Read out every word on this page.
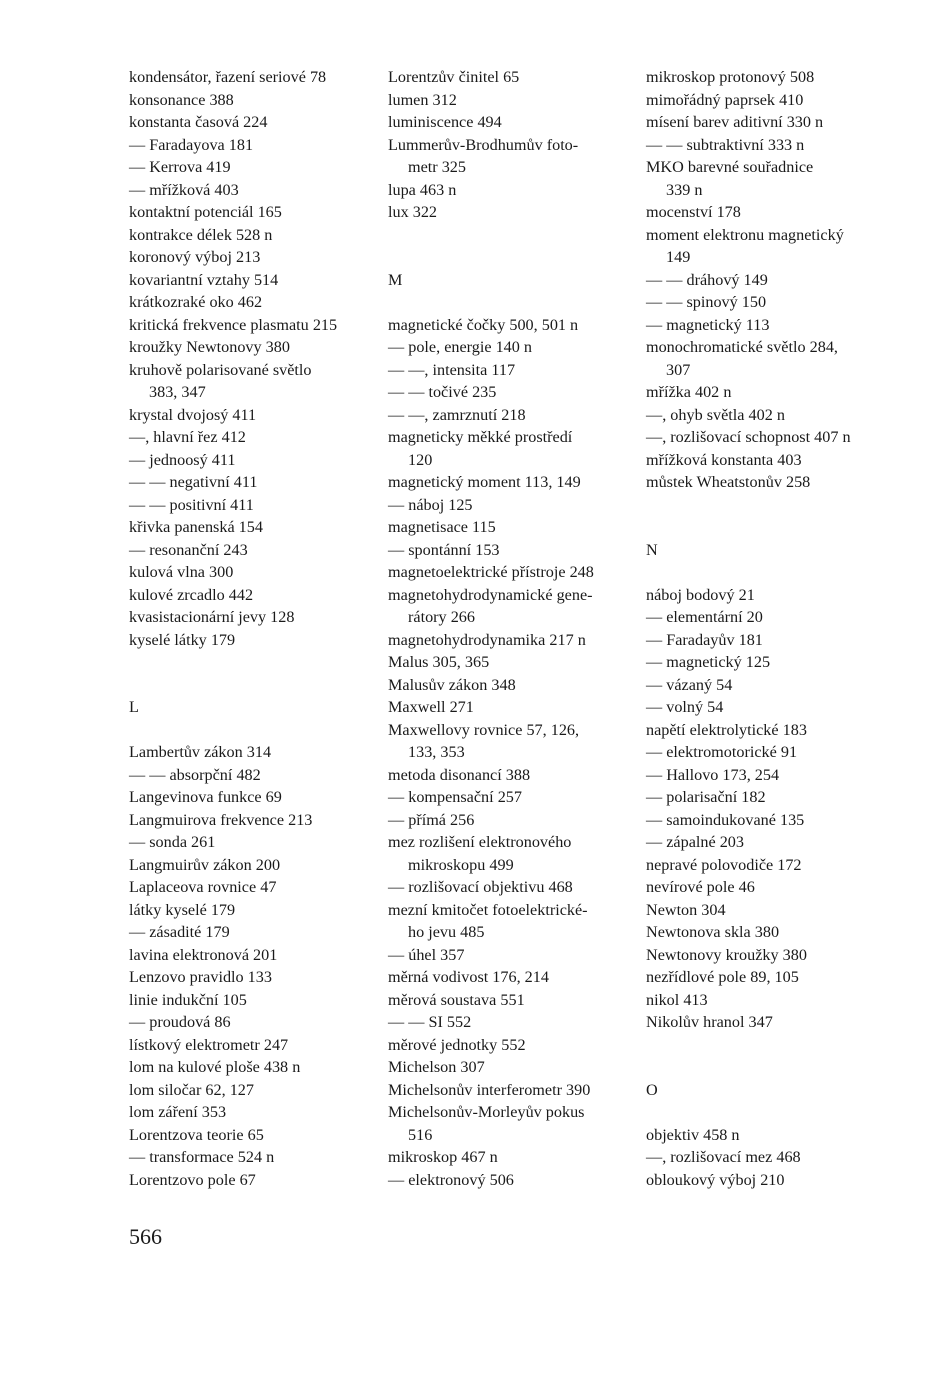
kondensátor, řazení seriové 78
konsonance 388
konstanta časová 224
— Faradayova 181
— Kerrova 419
— mřížková 403
kontaktní potenciál 165
kontrakce délek 528 n
koronový výboj 213
kovariantní vztahy 514
krátkozraké oko 462
kritická frekvence plasmatu 215
kroužky Newtonovy 380
kruhově polarisované světlo
383, 347
krystal dvojosý 411
—, hlavní řez 412
— jednoosý 411
— — negativní 411
— — positivní 411
křivka panenská 154
— resonanční 243
kulová vlna 300
kulové zrcadlo 442
kvasistacionární jevy 128
kyselé látky 179
L
Lambertův zákon 314
— — absorpční 482
Langevinova funkce 69
Langmuirova frekvence 213
— sonda 261
Langmuirův zákon 200
Laplaceova rovnice 47
látky kyselé 179
— zásadité 179
lavina elektronová 201
Lenzovo pravidlo 133
linie indukční 105
— proudová 86
lístkový elektrometr 247
lom na kulové ploše 438 n
lom siločar 62, 127
lom záření 353
Lorentzova teorie 65
— transformace 524 n
Lorentzovo pole 67
Lorentzův činitel 65
lumen 312
luminiscence 494
Lummerův-Brodhumův foto-
metr 325
lupa 463 n
lux 322
M
magnetické čočky 500, 501 n
— pole, energie 140 n
— —, intensita 117
— — točivé 235
— —, zamrznutí 218
magneticky měkké prostředí
120
magnetický moment 113, 149
— náboj 125
magnetisace 115
— spontánní 153
magnetoelektrické přístroje 248
magnetohydrodynamické gene-
rátory 266
magnetohydrodynamika 217 n
Malus 305, 365
Malusův zákon 348
Maxwell 271
Maxwellovy rovnice 57, 126,
133, 353
metoda disonancí 388
— kompensační 257
— přímá 256
mez rozlišení elektronového
mikroskopu 499
— rozlišovací objektivu 468
mezní kmitočet fotoelektrické-
ho jevu 485
— úhel 357
měrná vodivost 176, 214
měrová soustava 551
— — SI 552
měrové jednotky 552
Michelson 307
Michelsonův interferometr 390
Michelsonův-Morleyův pokus
516
mikroskop 467 n
— elektronový 506
mikroskop protonový 508
mimořádný paprsek 410
mísení barev aditivní 330 n
— — subtraktivní 333 n
MKO barevné souřadnice
339 n
mocenství 178
moment elektronu magnetický
149
— — dráhový 149
— — spinový 150
— magnetický 113
monochromatické světlo 284,
307
mřížka 402 n
—, ohyb světla 402 n
—, rozlišovací schopnost 407 n
mřížková konstanta 403
můstek Wheatstonův 258
N
náboj bodový 21
— elementární 20
— Faradayův 181
— magnetický 125
— vázaný 54
— volný 54
napětí elektrolytické 183
— elektromotorické 91
— Hallovo 173, 254
— polarisační 182
— samoindukované 135
— zápalné 203
nepravé polovodiče 172
nevírové pole 46
Newton 304
Newtonova skla 380
Newtonovy kroužky 380
nezřídlové pole 89, 105
nikol 413
Nikolův hranol 347
O
objektiv 458 n
—, rozlišovací mez 468
obloukový výboj 210
566
